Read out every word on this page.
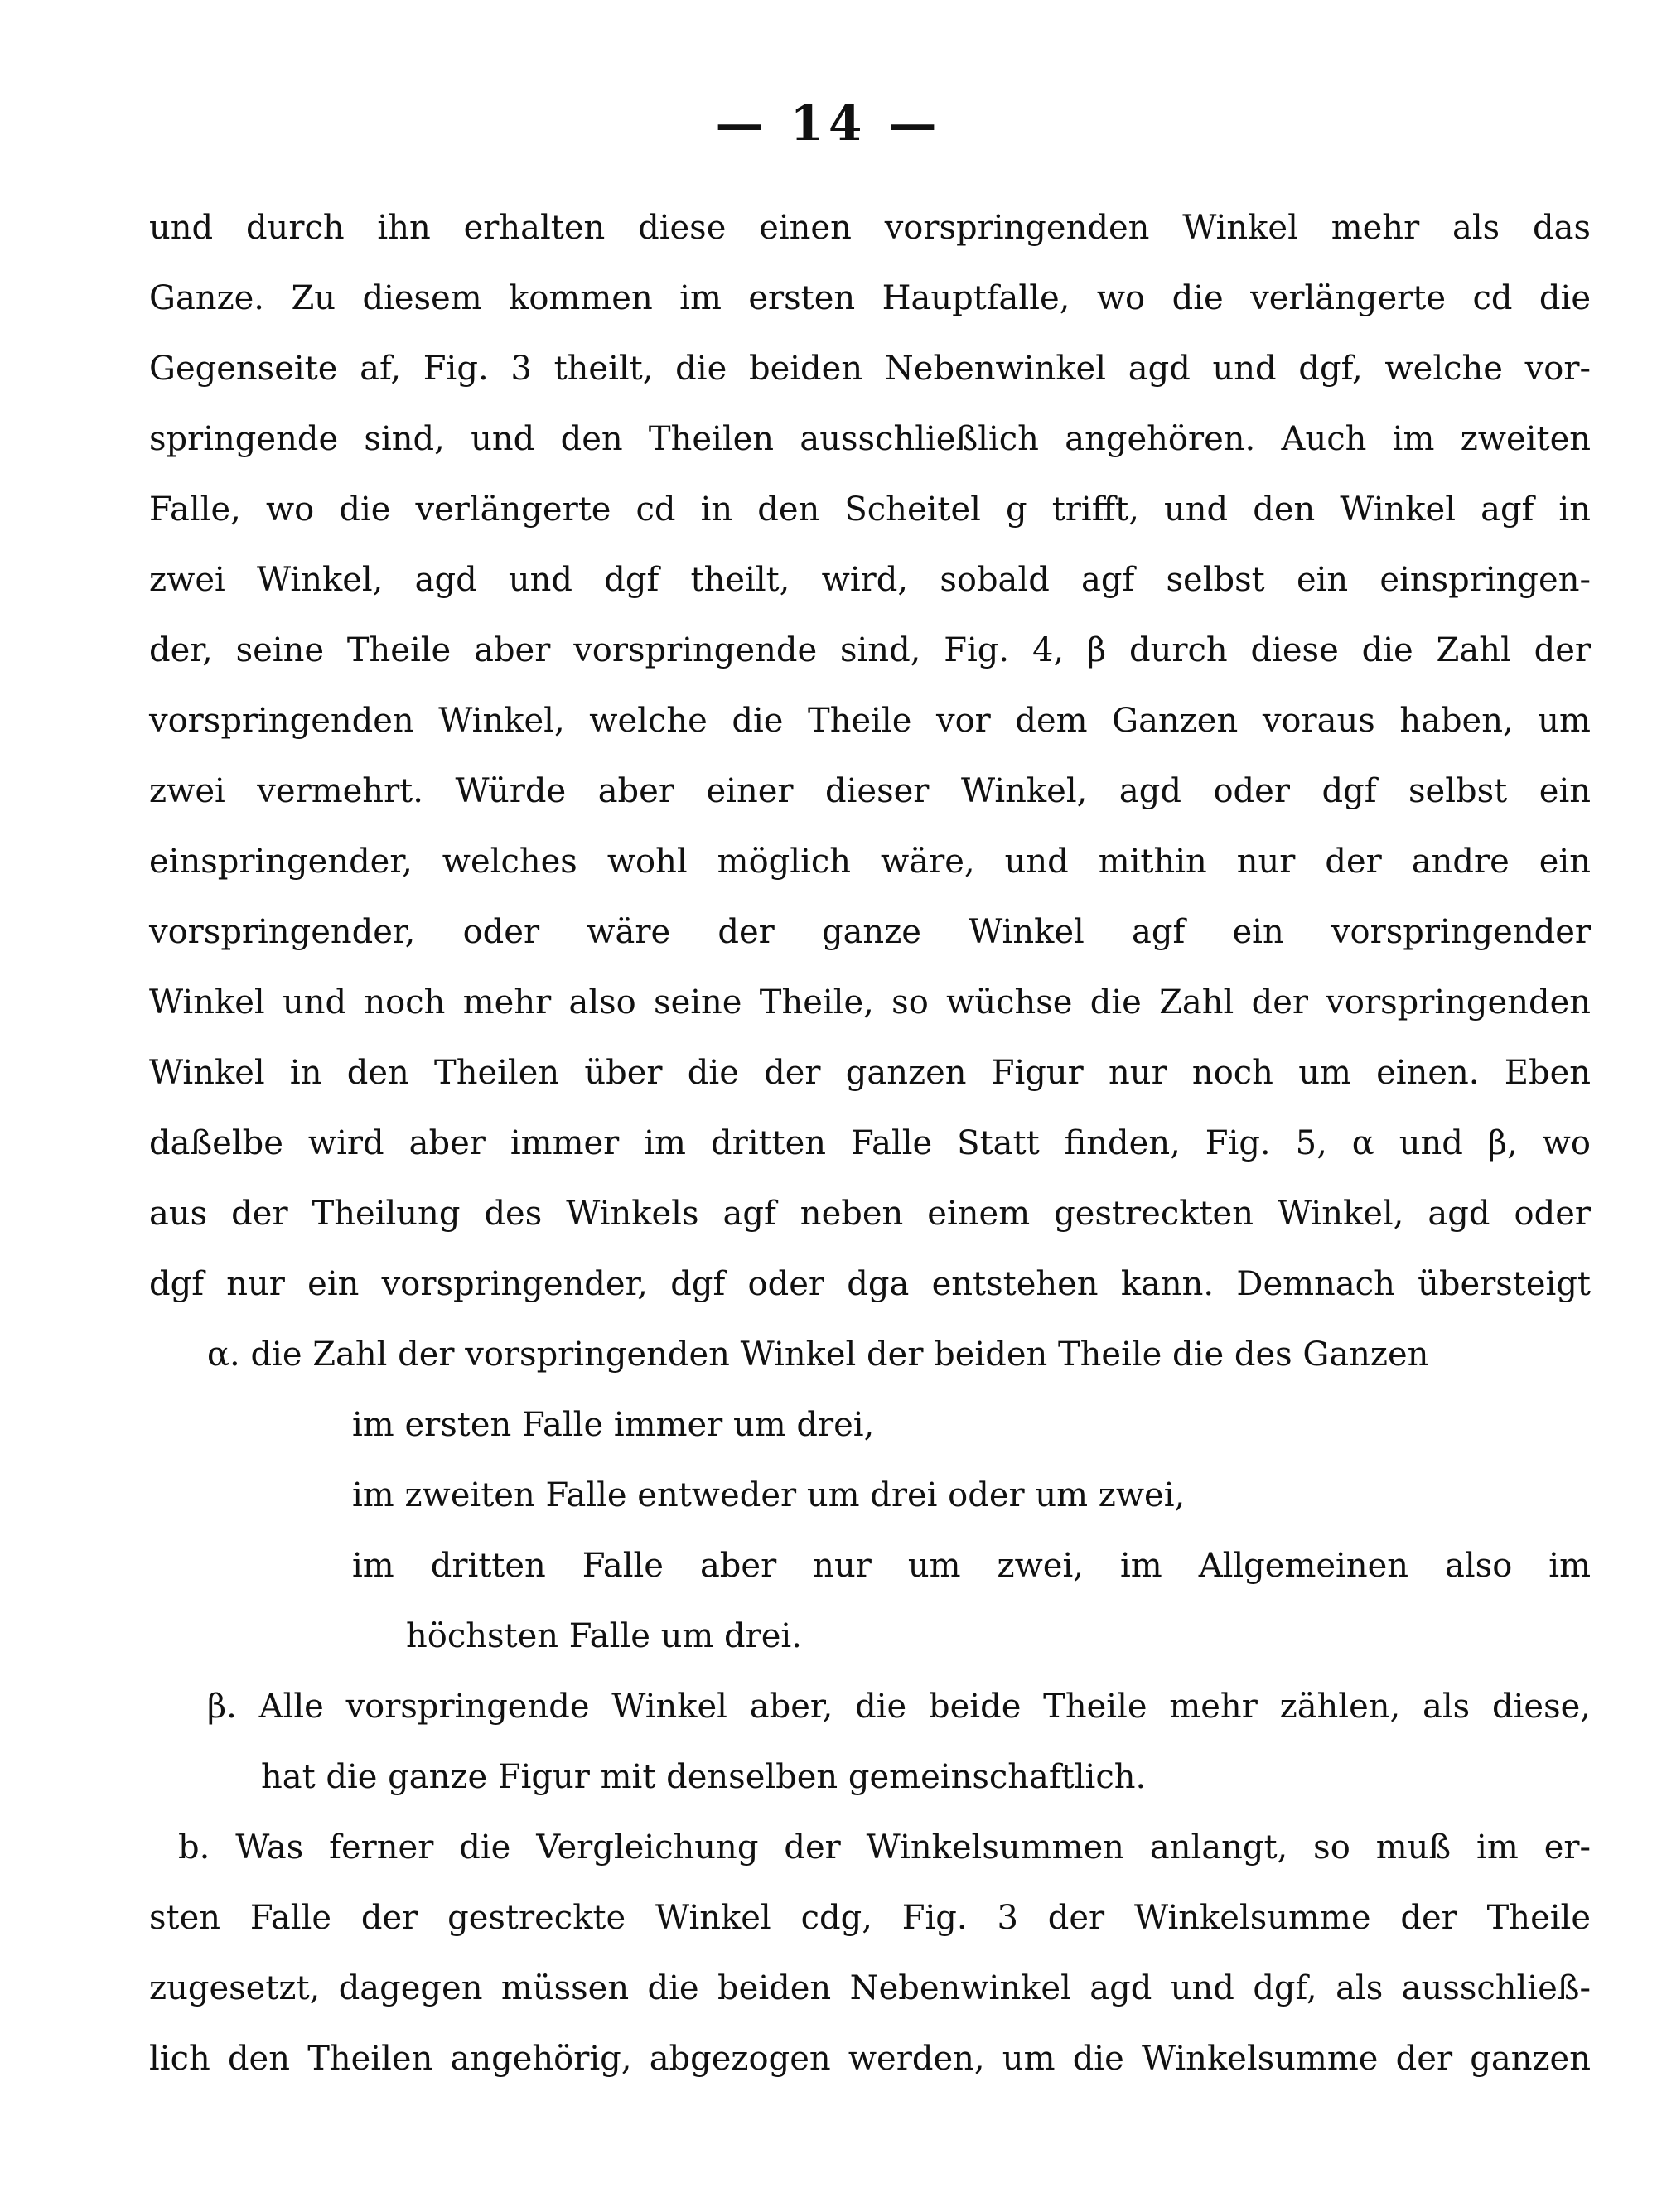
— 14 —
und durch ihn erhalten diese einen vorspringenden Winkel mehr als das
Ganze. Zu diesem kommen im ersten Hauptfalle, wo die verlängerte cd die
Gegenseite af, Fig. 3 theilt, die beiden Nebenwinkel agd und dgf, welche vor-
springende sind, und den Theilen ausschließlich angehören. Auch im zweiten
Falle, wo die verlängerte cd in den Scheitel g trifft, und den Winkel agf in
zwei Winkel, agd und dgf theilt, wird, sobald agf selbst ein einspringen-
der, seine Theile aber vorspringende sind, Fig. 4, β durch diese die Zahl der
vorspringenden Winkel, welche die Theile vor dem Ganzen voraus haben, um
zwei vermehrt. Würde aber einer dieser Winkel, agd oder dgf selbst ein
einspringender, welches wohl möglich wäre, und mithin nur der andre ein
vorspringender, oder wäre der ganze Winkel agf ein vorspringender
Winkel und noch mehr also seine Theile, so wüchse die Zahl der vorspringenden
Winkel in den Theilen über die der ganzen Figur nur noch um einen. Eben
daßelbe wird aber immer im dritten Falle Statt finden, Fig. 5, α und β, wo
aus der Theilung des Winkels agf neben einem gestreckten Winkel, agd oder
dgf nur ein vorspringender, dgf oder dga entstehen kann. Demnach übersteigt
α. die Zahl der vorspringenden Winkel der beiden Theile die des Ganzen
im ersten Falle immer um drei,
im zweiten Falle entweder um drei oder um zwei,
im dritten Falle aber nur um zwei, im Allgemeinen also im
höchsten Falle um drei.
β. Alle vorspringende Winkel aber, die beide Theile mehr zählen, als diese,
hat die ganze Figur mit denselben gemeinschaftlich.
b. Was ferner die Vergleichung der Winkelsummen anlangt, so muß im er-
sten Falle der gestreckte Winkel cdg, Fig. 3 der Winkelsumme der Theile
zugesetzt, dagegen müssen die beiden Nebenwinkel agd und dgf, als ausschließ-
lich den Theilen angehörig, abgezogen werden, um die Winkelsumme der ganzen
